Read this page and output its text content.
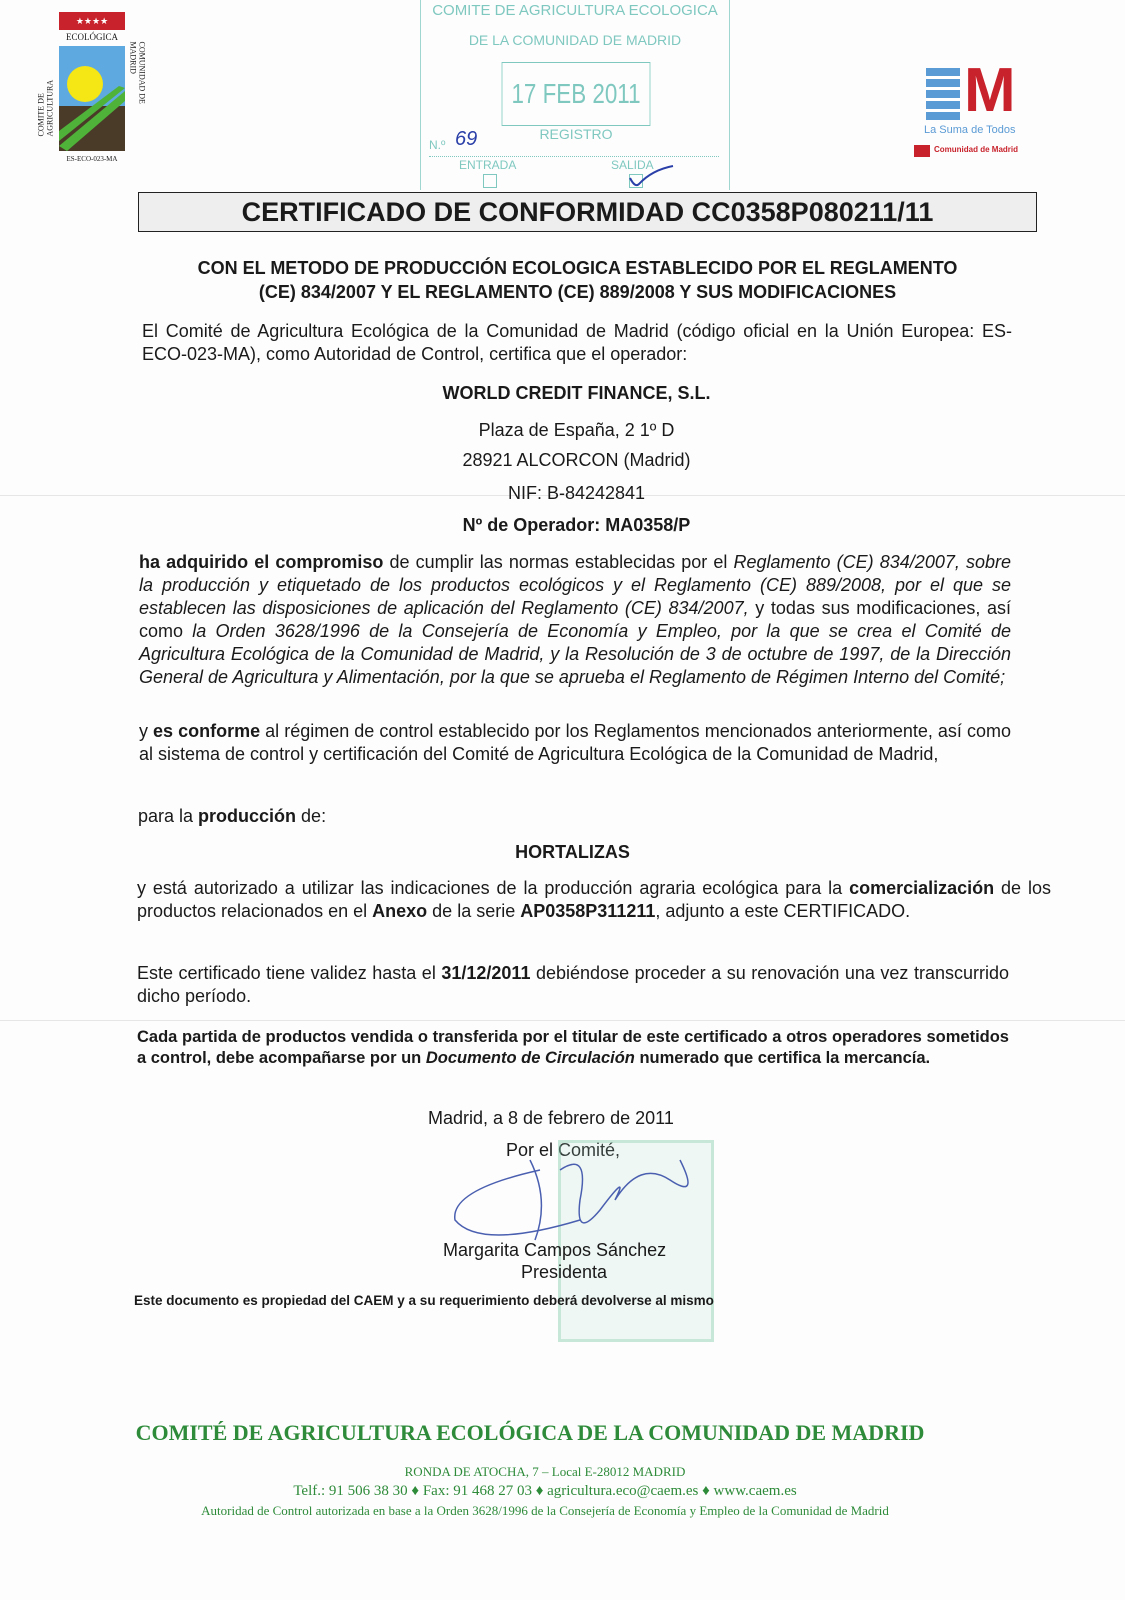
★★★★
ECOLÓGICA
COMITE DE AGRICULTURA
COMUNIDAD DE MADRID
ES-ECO-023-MA
COMITE DE AGRICULTURA ECOLOGICA
DE LA COMUNIDAD DE MADRID
17 FEB 2011
REGISTRO
N.º 69
ENTRADA	SALIDA
M
La Suma de Todos
Comunidad de Madrid
CERTIFICADO DE CONFORMIDAD CC0358P080211/11
CON EL METODO DE PRODUCCIÓN ECOLOGICA ESTABLECIDO POR EL REGLAMENTO
(CE) 834/2007 Y EL REGLAMENTO (CE) 889/2008 Y SUS MODIFICACIONES
El Comité de Agricultura Ecológica de la Comunidad de Madrid (código oficial en la Unión Europea: ES-ECO-023-MA), como Autoridad de Control, certifica que el operador:
WORLD CREDIT FINANCE, S.L.
Plaza de España, 2 1º D
28921 ALCORCON (Madrid)
NIF: B-84242841
Nº de Operador: MA0358/P
ha adquirido el compromiso de cumplir las normas establecidas por el Reglamento (CE) 834/2007, sobre la producción y etiquetado de los productos ecológicos y el Reglamento (CE) 889/2008, por el que se establecen las disposiciones de aplicación del Reglamento (CE) 834/2007, y todas sus modificaciones, así como la Orden 3628/1996 de la Consejería de Economía y Empleo, por la que se crea el Comité de Agricultura Ecológica de la Comunidad de Madrid, y la Resolución de 3 de octubre de 1997, de la Dirección General de Agricultura y Alimentación, por la que se aprueba el Reglamento de Régimen Interno del Comité;
y es conforme al régimen de control establecido por los Reglamentos mencionados anteriormente, así como al sistema de control y certificación del Comité de Agricultura Ecológica de la Comunidad de Madrid,
para la producción de:
HORTALIZAS
y está autorizado a utilizar las indicaciones de la producción agraria ecológica para la comercialización de los productos relacionados en el Anexo de la serie AP0358P311211, adjunto a este CERTIFICADO.
Este certificado tiene validez hasta el 31/12/2011 debiéndose proceder a su renovación una vez transcurrido dicho período.
Cada partida de productos vendida o transferida por el titular de este certificado a otros operadores sometidos a control, debe acompañarse por un Documento de Circulación numerado que certifica la mercancía.
Madrid, a 8 de febrero de 2011
Por el Comité,
Margarita Campos Sánchez
Presidenta
Este documento es propiedad del CAEM y a su requerimiento deberá devolverse al mismo
COMITÉ DE AGRICULTURA ECOLÓGICA DE LA COMUNIDAD DE MADRID
RONDA DE ATOCHA, 7 – Local E-28012 MADRID
Telf.: 91 506 38 30 ♦ Fax: 91 468 27 03 ♦ agricultura.eco@caem.es ♦ www.caem.es
Autoridad de Control autorizada en base a la Orden 3628/1996 de la Consejería de Economía y Empleo de la Comunidad de Madrid
